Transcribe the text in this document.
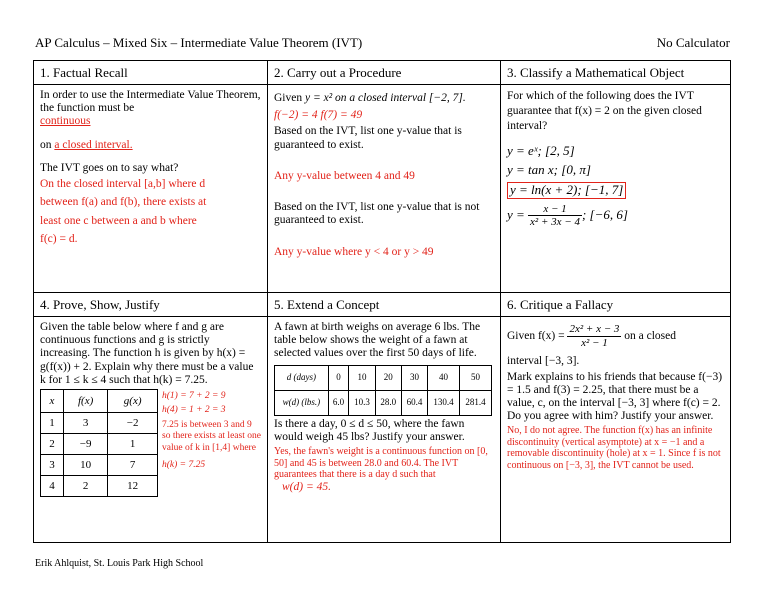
AP Calculus – Mixed Six – Intermediate Value Theorem (IVT)	No Calculator
1. Factual Recall

In order to use the Intermediate Value Theorem, the function must be

continuous

on a closed interval.

The IVT goes on to say what?

On the closed interval [a,b] where d

between f(a) and f(b), there exists at

least one c between a and b where

f(c) = d.

2. Carry out a Procedure

Given y = x² on a closed interval [−2, 7].

f(−2) = 4 f(7) = 49

Based on the IVT, list one y-value that is guaranteed to exist.

Any y-value between 4 and 49

Based on the IVT, list one y-value that is not guaranteed to exist.

Any y-value where y < 4 or y > 49

3. Classify a Mathematical Object

For which of the following does the IVT guarantee that f(x) = 2 on the given closed interval?

y = eˣ; [2, 5]

y = tan x; [0, π]

y = ln(x + 2); [−1, 7]

$y = \frac{x - 1}{\text{x² + 3x − 4}}$ ; [−6, 6]

4. Prove, Show, Justify

Given the table below where f and g are continuous functions and g is strictly increasing. The function h is given by h(x) = g(f(x)) + 2. Explain why there must be a value k for 1 ≤ k ≤ 4 such that h(k) = 7.25.

x	f(x)	g(x)
1	3	−2
2	−9	1
3	10	7
4	2	12

h(1) = 7 + 2 = 9

h(4) = 1 + 2 = 3

7.25 is between 3 and 9 so there exists at least one value of k in [1,4] where

h(k) = 7.25

5. Extend a Concept

A fawn at birth weighs on average 6 lbs. The table below shows the weight of a fawn at selected values over the first 50 days of life.

d (days)	0	10	20	30	40	50
w(d) (lbs.)	6.0	10.3	28.0	60.4	130.4	281.4

Is there a day, 0 ≤ d ≤ 50, where the fawn would weigh 45 lbs? Justify your answer.

Yes, the fawn's weight is a continuous function on [0, 50] and 45 is between 28.0 and 60.4. The IVT guarantees that there is a day d such that

w(d) = 45.

6. Critique a Fallacy

Given $f(x) = \frac{\text{2x² + x − 3}}{\text{x² − 1}}$ on a closed

interval [−3, 3].

Mark explains to his friends that because f(−3) = 1.5 and f(3) = 2.25, that there must be a value, c, on the interval [−3, 3] where f(c) = 2. Do you agree with him? Justify your answer.

No, I do not agree. The function f(x) has an infinite discontinuity (vertical asymptote) at x = −1 and a removable discontinuity (hole) at x = 1. Since f is not continuous on [−3, 3], the IVT cannot be used.

Erik Ahlquist, St. Louis Park High School
